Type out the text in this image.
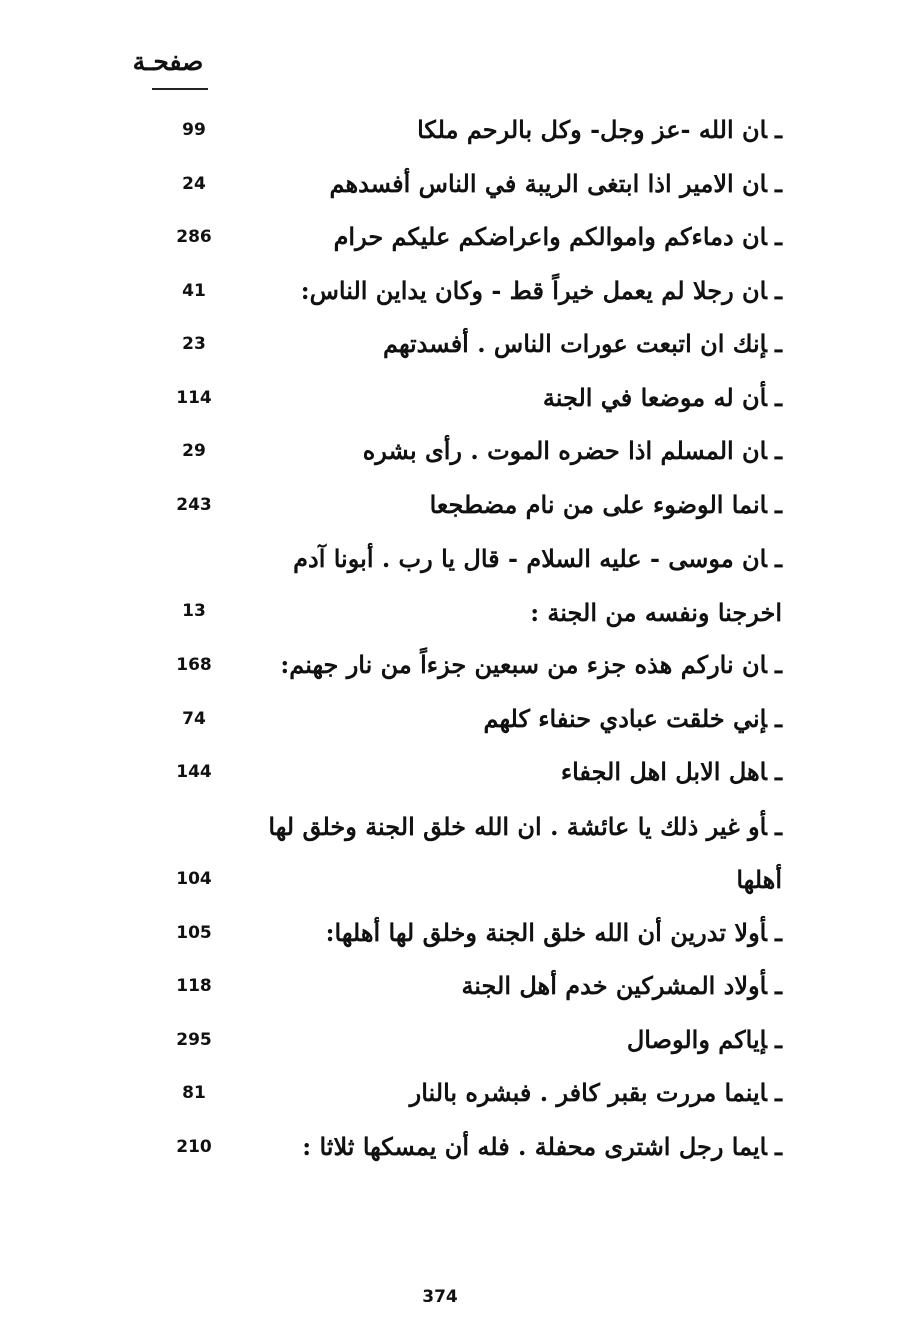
صفحـة
ـان الله -عز وجل- وكل بالرحم ملكا
99
ـان الامير اذا ابتغى الريبة في الناس أفسدهم
24
ـان دماءكم واموالكم واعراضكم عليكم حرام
286
ـان رجلا لم يعمل خيراً قط - وكان يداين الناس:
41
ـإنك ان اتبعت عورات الناس . أفسدتهم
23
ـأن له موضعا في الجنة
114
ـان المسلم اذا حضره الموت . رأى بشره
29
ـانما الوضوء على من نام مضطجعا
243
ـان موسى - عليه السلام - قال يا رب . أبونا آدم اخرجنا ونفسه من الجنة :
13
ـان ناركم هذه جزء من سبعين جزءاً من نار جهنم:
168
ـإني خلقت عبادي حنفاء كلهم
74
ـاهل الابل اهل الجفاء
144
ـأو غير ذلك يا عائشة . ان الله خلق الجنة وخلق لها أهلها
104
ـأولا تدرين أن الله خلق الجنة وخلق لها أهلها:
105
ـأولاد المشركين خدم أهل الجنة
118
ـإياكم والوصال
295
ـاينما مررت بقبر كافر . فبشره بالنار
81
ـايما رجل اشترى محفلة . فله أن يمسكها ثلاثا :
210
374
